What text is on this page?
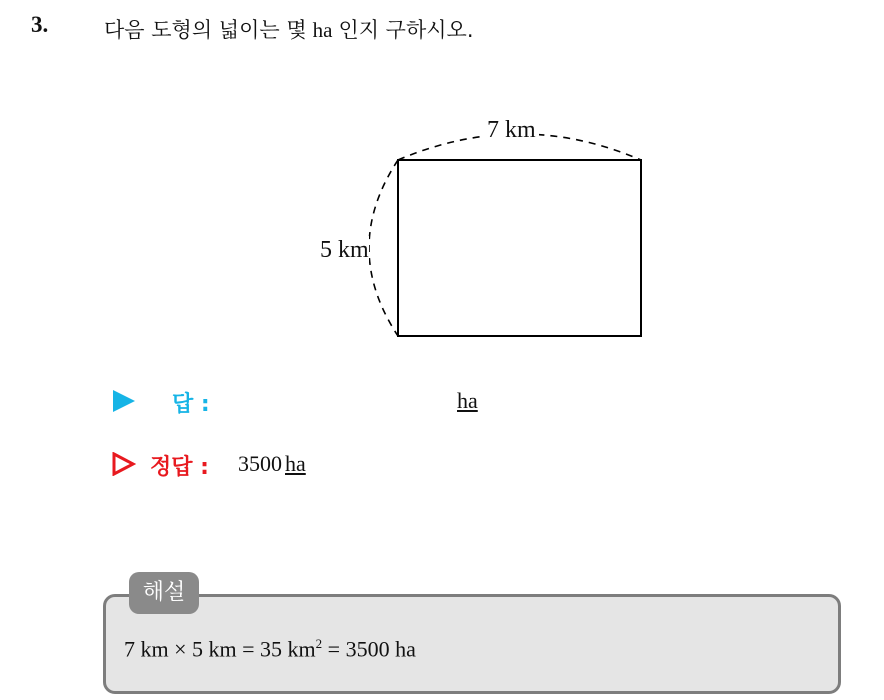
3.	다음 도형의 넓이는 몇 ha 인지 구하시오.
7 km
5 km
답 :	ha
정답 : 3500 ha
해설
7 km × 5 km = 35 $km^2 = 3500$ ha
